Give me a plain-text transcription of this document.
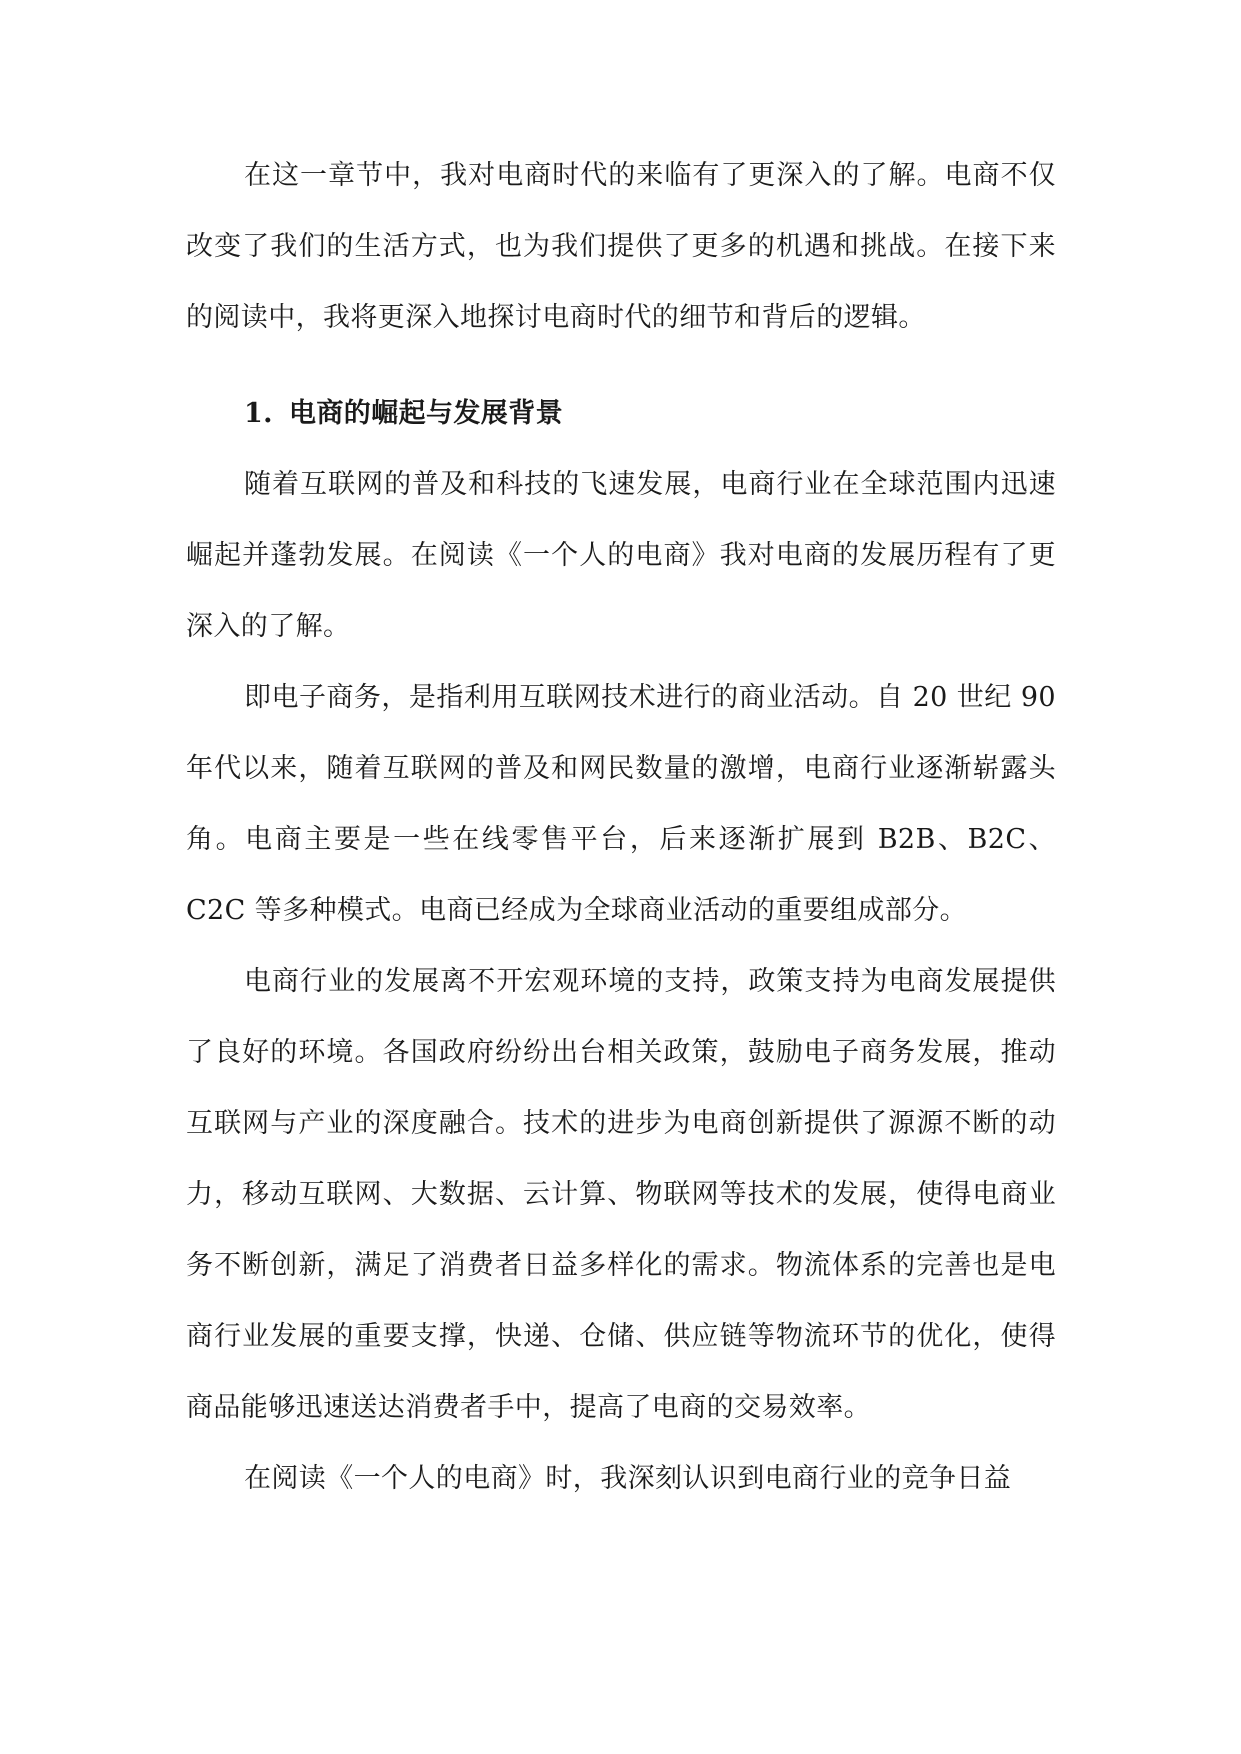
在这一章节中，我对电商时代的来临有了更深入的了解。电商不仅改变了我们的生活方式，也为我们提供了更多的机遇和挑战。在接下来的阅读中，我将更深入地探讨电商时代的细节和背后的逻辑。

1. 电商的崛起与发展背景

随着互联网的普及和科技的飞速发展，电商行业在全球范围内迅速崛起并蓬勃发展。在阅读《一个人的电商》我对电商的发展历程有了更深入的了解。

即电子商务，是指利用互联网技术进行的商业活动。自 20 世纪 90 年代以来，随着互联网的普及和网民数量的激增，电商行业逐渐崭露头角。电商主要是一些在线零售平台，后来逐渐扩展到 B2B、B2C、C2C 等多种模式。电商已经成为全球商业活动的重要组成部分。

电商行业的发展离不开宏观环境的支持，政策支持为电商发展提供了良好的环境。各国政府纷纷出台相关政策，鼓励电子商务发展，推动互联网与产业的深度融合。技术的进步为电商创新提供了源源不断的动力，移动互联网、大数据、云计算、物联网等技术的发展，使得电商业务不断创新，满足了消费者日益多样化的需求。物流体系的完善也是电商行业发展的重要支撑，快递、仓储、供应链等物流环节的优化，使得商品能够迅速送达消费者手中，提高了电商的交易效率。

在阅读《一个人的电商》时，我深刻认识到电商行业的竞争日益
